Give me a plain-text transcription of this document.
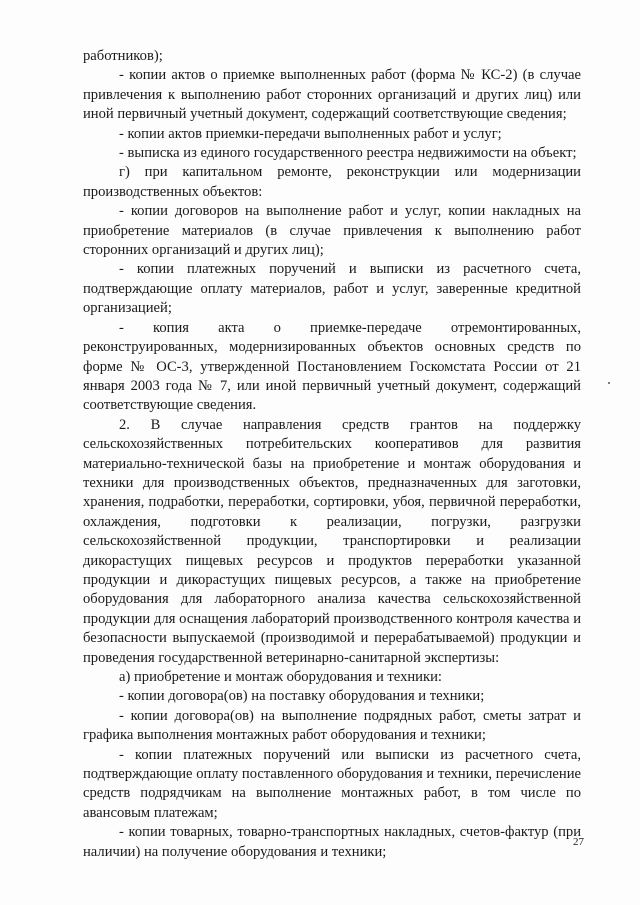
работников);

- копии актов о приемке выполненных работ (форма № КС-2) (в случае привлечения к выполнению работ сторонних организаций и других лиц) или иной первичный учетный документ, содержащий соответствующие сведения;

- копии актов приемки-передачи выполненных работ и услуг;

- выписка из единого государственного реестра недвижимости на объект;

г) при капитальном ремонте, реконструкции или модернизации производственных объектов:

- копии договоров на выполнение работ и услуг, копии накладных на приобретение материалов (в случае привлечения к выполнению работ сторонних организаций и других лиц);

- копии платежных поручений и выписки из расчетного счета, подтверждающие оплату материалов, работ и услуг, заверенные кредитной организацией;

- копия акта о приемке-передаче отремонтированных, реконструированных, модернизированных объектов основных средств по форме № ОС-3, утвержденной Постановлением Госкомстата России от 21 января 2003 года № 7, или иной первичный учетный документ, содержащий соответствующие сведения.

2. В случае направления средств грантов на поддержку сельскохозяйственных потребительских кооперативов для развития материально-технической базы на приобретение и монтаж оборудования и техники для производственных объектов, предназначенных для заготовки, хранения, подработки, переработки, сортировки, убоя, первичной переработки, охлаждения, подготовки к реализации, погрузки, разгрузки сельскохозяйственной продукции, транспортировки и реализации дикорастущих пищевых ресурсов и продуктов переработки указанной продукции и дикорастущих пищевых ресурсов, а также на приобретение оборудования для лабораторного анализа качества сельскохозяйственной продукции для оснащения лабораторий производственного контроля качества и безопасности выпускаемой (производимой и перерабатываемой) продукции и проведения государственной ветеринарно-санитарной экспертизы:

а) приобретение и монтаж оборудования и техники:

- копии договора(ов) на поставку оборудования и техники;

- копии договора(ов) на выполнение подрядных работ, сметы затрат и графика выполнения монтажных работ оборудования и техники;

- копии платежных поручений или выписки из расчетного счета, подтверждающие оплату поставленного оборудования и техники, перечисление средств подрядчикам на выполнение монтажных работ, в том числе по авансовым платежам;

- копии товарных, товарно-транспортных накладных, счетов-фактур (при наличии) на получение оборудования и техники;

27
